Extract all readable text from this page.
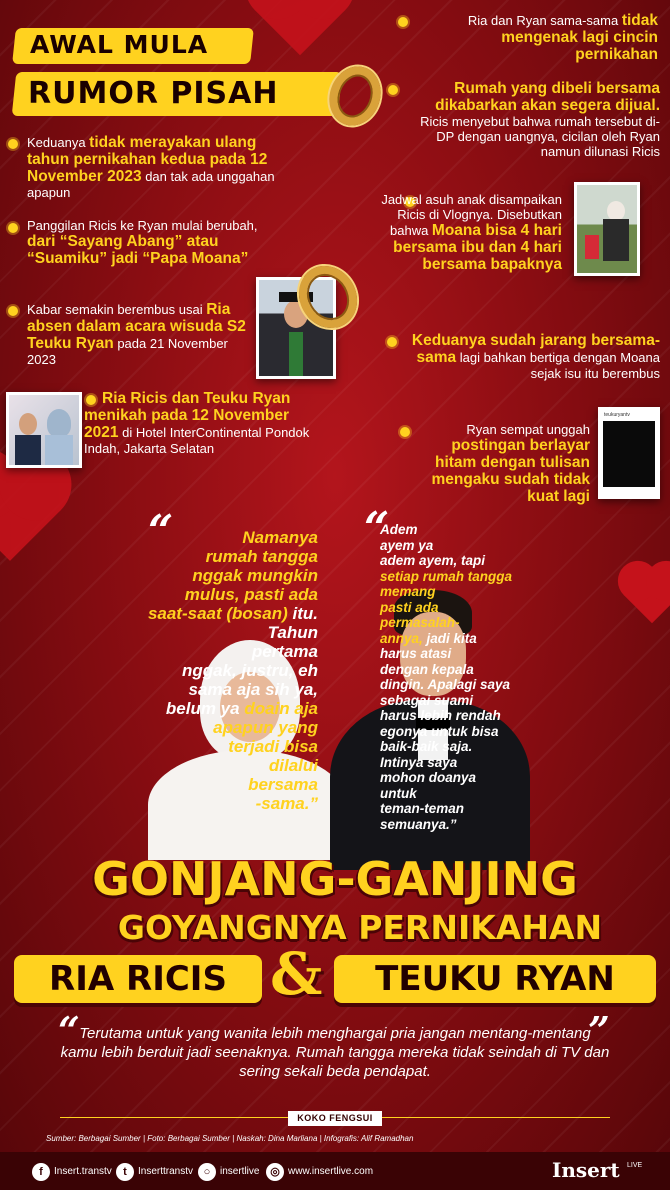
AWAL MULA
RUMOR PISAH
Keduanya tidak merayakan ulang tahun pernikahan kedua pada 12 November 2023 dan tak ada unggahan apapun
Panggilan Ricis ke Ryan mulai berubah, dari “Sayang Abang” atau “Suamiku” jadi “Papa Moana”
Kabar semakin berembus usai Ria absen dalam acara wisuda S2 Teuku Ryan pada 21 November 2023
Ria Ricis dan Teuku Ryan menikah pada 12 November 2021 di Hotel InterContinental Pondok Indah, Jakarta Selatan
Ria dan Ryan sama-sama tidak mengenak lagi cincin pernikahan
Rumah yang dibeli bersama dikabarkan akan segera dijual. Ricis menyebut bahwa rumah tersebut di-DP dengan uangnya, cicilan oleh Ryan namun dilunasi Ricis
Jadwal asuh anak disampaikan Ricis di Vlognya. Disebutkan bahwa Moana bisa 4 hari bersama ibu dan 4 hari bersama bapaknya
Keduanya sudah jarang bersama-sama lagi bahkan bertiga dengan Moana sejak isu itu berembus
Ryan sempat unggah postingan berlayar hitam dengan tulisan mengaku sudah tidak kuat lagi
teukuryantv
“	Namanya
rumah tangga
nggak mungkin
mulus, pasti ada
saat-saat (bosan) itu. Tahun
pertama
nggak, justru, eh
sama aja sih ya,
belum ya doain aja
apapun yang
terjadi bisa
dilalui
bersama
-sama.”
“
Adem
ayem ya
adem ayem, tapi
setiap rumah tangga
memang
pasti ada
permasalah-
annya, jadi kita
harus atasi
dengan kepala
dingin. Apalagi saya
sebagai suami
harus lebih rendah
egonya untuk bisa
baik-baik saja.
Intinya saya
mohon doanya
untuk
teman-teman
semuanya.”
GONJANG-GANJING
GOYANGNYA PERNIKAHAN
RIA RICIS &	TEUKU RYAN
“ Terutama untuk yang wanita lebih menghargai pria jangan mentang-mentang kamu lebih berduit jadi seenaknya. Rumah tangga mereka tidak seindah di TV dan sering sekali beda pendapat.
”
KOKO FENGSUI
Sumber: Berbagai Sumber | Foto: Berbagai Sumber | Naskah: Dina Marliana | Infografis: Alif Ramadhan
f	Insert.transtv	t	Inserttranstv ○ insertlive ◎ www.insertlive.com	Insert LIVE
